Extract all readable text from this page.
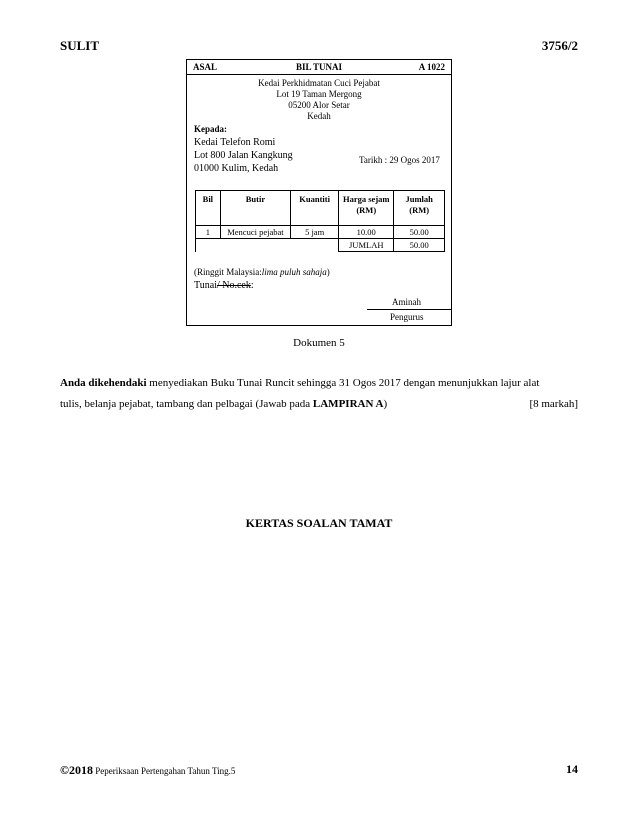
SULIT	3756/2
ASAL	BIL TUNAI	A 1022
Kedai Perkhidmatan Cuci Pejabat
Lot 19 Taman Mergong
05200 Alor Setar
Kedah
Kepada:
Kedai Telefon Romi
Lot 800 Jalan Kangkung
01000 Kulim, Kedah
Tarikh : 29 Ogos 2017
Bil	Butir	Kuantiti	Harga sejam (RM)	Jumlah (RM)
1	Mencuci pejabat	5 jam	10.00	50.00
			JUMLAH	50.00
(Ringgit Malaysia:lima puluh sahaja)
Tunai/ No.cek:
Aminah
Pengurus
Dokumen 5
Anda dikehendaki menyediakan Buku Tunai Runcit sehingga 31 Ogos 2017 dengan menunjukkan lajur alat
tulis, belanja pejabat, tambang dan pelbagai (Jawab pada LAMPIRAN A)	[8 markah]
KERTAS SOALAN TAMAT
©2018 Peperiksaan Pertengahan Tahun Ting.5	14
